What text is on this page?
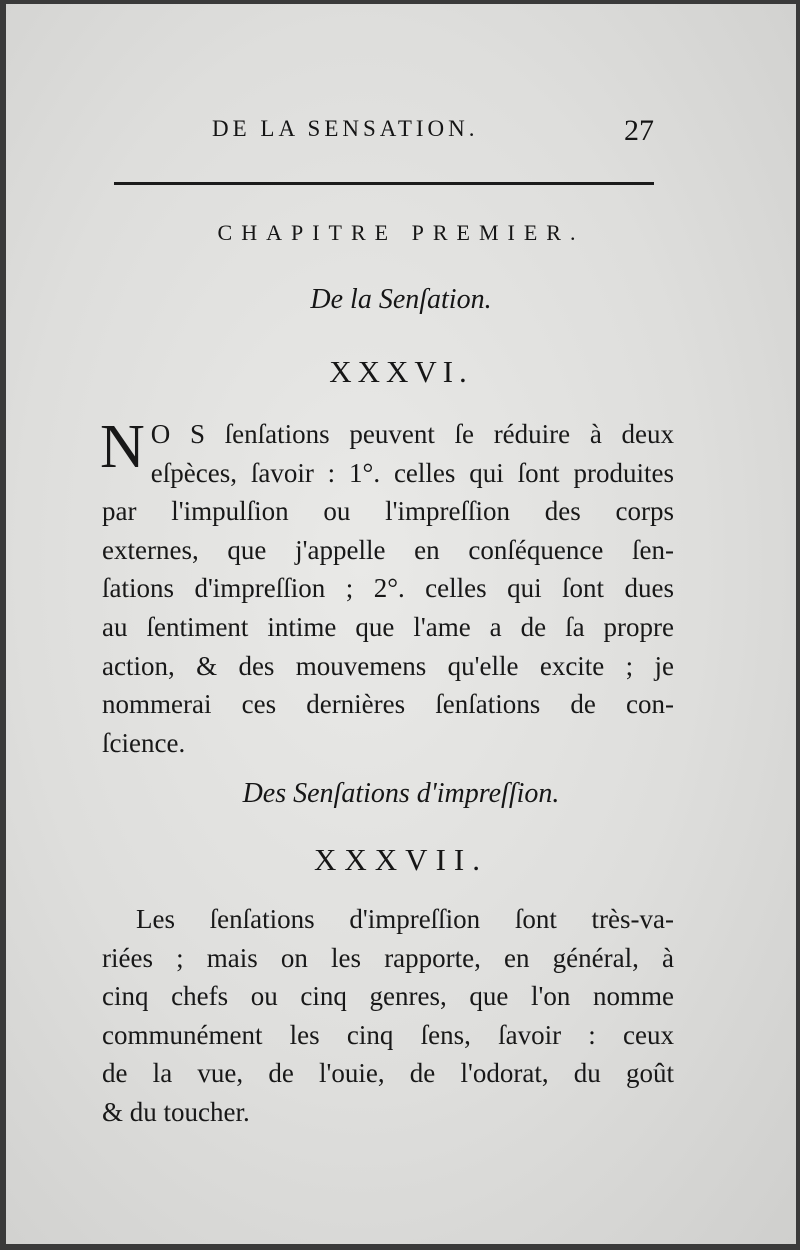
DE LA SENSATION.	27
CHAPITRE PREMIER.
De la Senſation.
XXXVI.
N O S ſenſations peuvent ſe réduire à deux
eſpèces, ſavoir : 1°. celles qui ſont produites
par l'impulſion ou l'impreſſion des corps
externes, que j'appelle en conſéquence ſen-
ſations d'impreſſion ; 2°. celles qui ſont dues
au ſentiment intime que l'ame a de ſa propre
action, & des mouvemens qu'elle excite ; je
nommerai ces dernières ſenſations de con-
ſcience.
Des Senſations d'impreſſion.
XXXVII.
Les ſenſations d'impreſſion ſont très-va-
riées ; mais on les rapporte, en général, à
cinq chefs ou cinq genres, que l'on nomme
communément les cinq ſens, ſavoir : ceux
de la vue, de l'ouie, de l'odorat, du goût
& du toucher.
